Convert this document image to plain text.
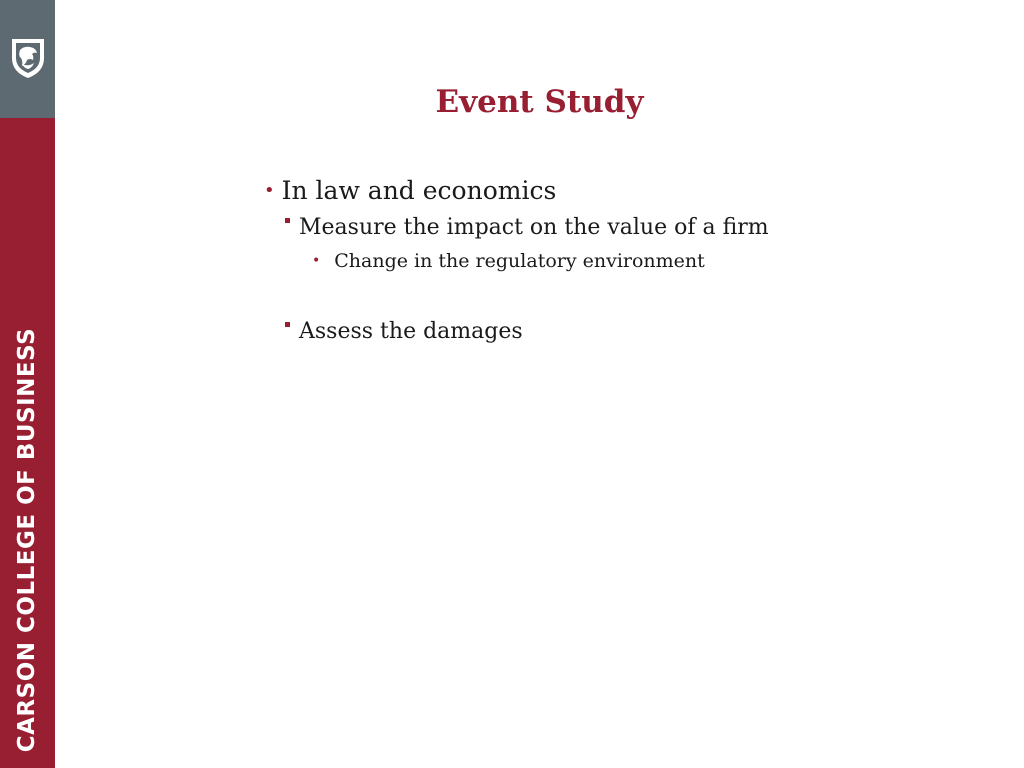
CARSON COLLEGE OF BUSINESS
Event Study
• In law and economics
Measure the impact on the value of a firm
• Change in the regulatory environment
Assess the damages
